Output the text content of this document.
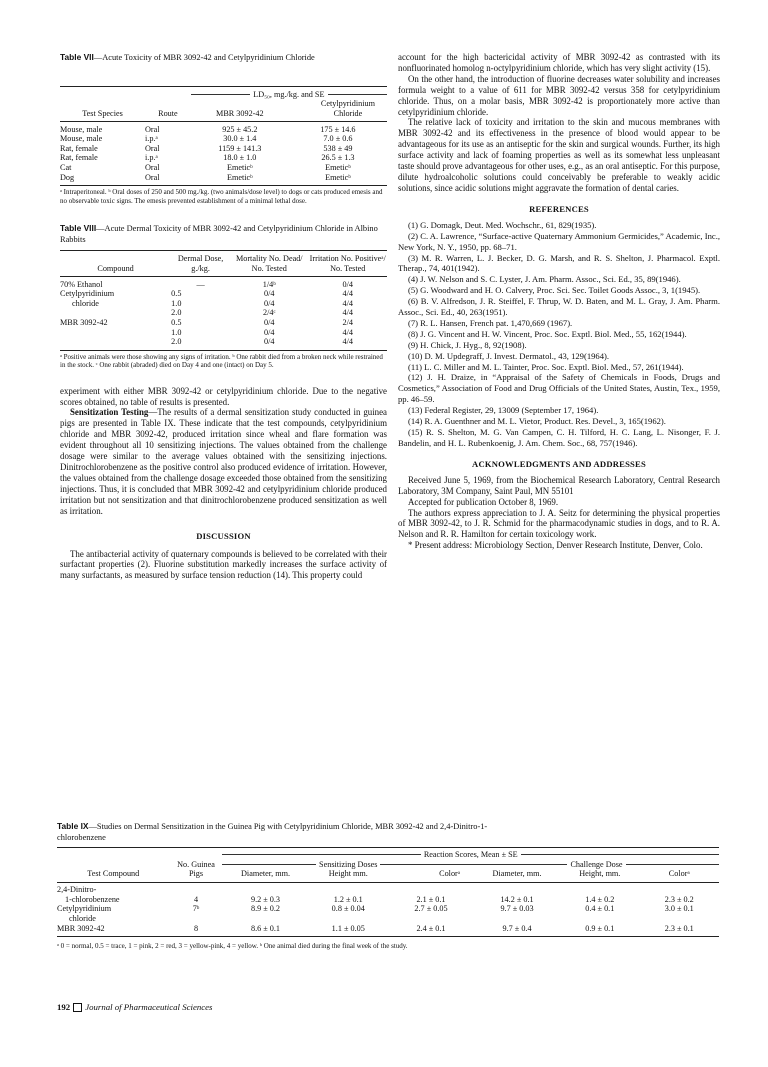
Table VII—Acute Toxicity of MBR 3092-42 and Cetylpyridinium Chloride

		LD₅₀, mg./kg. and SE	

Test Species	Route	MBR 3092-42	Cetylpyridinium Chloride

Mouse, male	Oral	925 ± 45.2	175 ± 14.6
Mouse, male	i.p.ᵃ	30.0 ± 1.4	7.0 ± 0.6
Rat, female	Oral	1159 ± 141.3	538 ± 49
Rat, female	i.p.ᵃ	18.0 ± 1.0	26.5 ± 1.3
Cat	Oral	Emeticᵇ	Emeticᵇ
Dog	Oral	Emeticᵇ	Emeticᵇ

ᵃ Intraperitoneal. ᵇ Oral doses of 250 and 500 mg./kg. (two animals/dose level) to dogs or cats produced emesis and no observable toxic signs. The emesis prevented establishment of a minimal lethal dose.

Table VIII—Acute Dermal Toxicity of MBR 3092-42 and Cetylpyridinium Chloride in Albino Rabbits

Compound	Dermal Dose, g./kg.	Mortality No. Dead/ No. Tested	Irritation No. Positiveᵃ/ No. Tested

70% Ethanol	—	1/4ᵇ	0/4
Cetylpyridinium	0.5	0/4	4/4
chloride	1.0	0/4	4/4
	2.0	2/4ᶜ	4/4
MBR 3092-42	0.5	0/4	2/4
	1.0	0/4	4/4
	2.0	0/4	4/4

ᵃ Positive animals were those showing any signs of irritation. ᵇ One rabbit died from a broken neck while restrained in the stock. ᶜ One rabbit (abraded) died on Day 4 and one (intact) on Day 5.

experiment with either MBR 3092-42 or cetylpyridinium chloride. Due to the negative scores obtained, no table of results is presented.

Sensitization Testing—The results of a dermal sensitization study conducted in guinea pigs are presented in Table IX. These indicate that the test compounds, cetylpyridinium chloride and MBR 3092-42, produced irritation since wheal and flare formation was evident throughout all 10 sensitizing injections. The values obtained from the challenge dosage were similar to the average values obtained with the sensitizing injections. Dinitrochlorobenzene as the positive control also produced evidence of irritation. However, the values obtained from the challenge dosage exceeded those obtained from the sensitizing injections. Thus, it is concluded that MBR 3092-42 and cetylpyridinium chloride produced irritation but not sensitization and that dinitrochlorobenzene produced sensitization as well as irritation.

DISCUSSION

The antibacterial activity of quaternary compounds is believed to be correlated with their surfactant properties (2). Fluorine substitution markedly increases the surface activity of many surfactants, as measured by surface tension reduction (14). This property could

account for the high bactericidal activity of MBR 3092-42 as contrasted with its nonfluorinated homolog n-octylpyridinium chloride, which has very slight activity (15).

On the other hand, the introduction of fluorine decreases water solubility and increases formula weight to a value of 611 for MBR 3092-42 versus 358 for cetylpyridinium chloride. Thus, on a molar basis, MBR 3092-42 is proportionately more active than cetylpyridinium chloride.

The relative lack of toxicity and irritation to the skin and mucous membranes with MBR 3092-42 and its effectiveness in the presence of blood would appear to be advantageous for its use as an antiseptic for the skin and surgical wounds. Further, its high surface activity and lack of foaming properties as well as its somewhat less unpleasant taste should prove advantageous for other uses, e.g., as an oral antiseptic. For this purpose, dilute hydroalcoholic solutions could conceivably be preferable to weakly acidic solutions, since acidic solutions might aggravate the formation of dental caries.

REFERENCES

(1) G. Domagk, Deut. Med. Wochschr., 61, 829(1935).

(2) C. A. Lawrence, “Surface-active Quaternary Ammonium Germicides,” Academic, Inc., New York, N. Y., 1950, pp. 68–71.

(3) M. R. Warren, L. J. Becker, D. G. Marsh, and R. S. Shelton, J. Pharmacol. Exptl. Therap., 74, 401(1942).

(4) J. W. Nelson and S. C. Lyster, J. Am. Pharm. Assoc., Sci. Ed., 35, 89(1946).

(5) G. Woodward and H. O. Calvery, Proc. Sci. Sec. Toilet Goods Assoc., 3, 1(1945).

(6) B. V. Alfredson, J. R. Steiffel, F. Thrup, W. D. Baten, and M. L. Gray, J. Am. Pharm. Assoc., Sci. Ed., 40, 263(1951).

(7) R. L. Hansen, French pat. 1,470,669 (1967).

(8) J. G. Vincent and H. W. Vincent, Proc. Soc. Exptl. Biol. Med., 55, 162(1944).

(9) H. Chick, J. Hyg., 8, 92(1908).

(10) D. M. Updegraff, J. Invest. Dermatol., 43, 129(1964).

(11) L. C. Miller and M. L. Tainter, Proc. Soc. Exptl. Biol. Med., 57, 261(1944).

(12) J. H. Draize, in “Appraisal of the Safety of Chemicals in Foods, Drugs and Cosmetics,” Association of Food and Drug Officials of the United States, Austin, Tex., 1959, pp. 46–59.

(13) Federal Register, 29, 13009 (September 17, 1964).

(14) R. A. Guenthner and M. L. Vietor, Product. Res. Devel., 3, 165(1962).

(15) R. S. Shelton, M. G. Van Campen, C. H. Tilford, H. C. Lang, L. Nisonger, F. J. Bandelin, and H. L. Rubenkoenig, J. Am. Chem. Soc., 68, 757(1946).

ACKNOWLEDGMENTS AND ADDRESSES

Received June 5, 1969, from the Biochemical Research Laboratory, Central Research Laboratory, 3M Company, Saint Paul, MN 55101

Accepted for publication October 8, 1969.

The authors express appreciation to J. A. Seitz for determining the physical properties of MBR 3092-42, to J. R. Schmid for the pharmacodynamic studies in dogs, and to R. A. Nelson and R. R. Hamilton for certain toxicology work.

* Present address: Microbiology Section, Denver Research Institute, Denver, Colo.

Table IX—Studies on Dermal Sensitization in the Guinea Pig with Cetylpyridinium Chloride, MBR 3092-42 and 2,4-Dinitro-1-chlorobenzene

		Reaction Scores, Mean ± SE					

	No. Guinea Pigs	Sensitizing Doses			Challenge Dose		

Test Compound		Diameter, mm.	Height mm.	Colorᵃ	Diameter, mm.	Height, mm.	Colorᵃ

2,4-Dinitro-							
1-chlorobenzene	4	9.2 ± 0.3	1.2 ± 0.1	2.1 ± 0.1	14.2 ± 0.1	1.4 ± 0.2	2.3 ± 0.2
Cetylpyridinium	7ᵇ	8.9 ± 0.2	0.8 ± 0.04	2.7 ± 0.05	9.7 ± 0.03	0.4 ± 0.1	3.0 ± 0.1
chloride							
MBR 3092-42	8	8.6 ± 0.1	1.1 ± 0.05	2.4 ± 0.1	9.7 ± 0.4	0.9 ± 0.1	2.3 ± 0.1

ᵃ 0 = normal, 0.5 = trace, 1 = pink, 2 = red, 3 = yellow-pink, 4 = yellow. ᵇ One animal died during the final week of the study.

192 Journal of Pharmaceutical Sciences
